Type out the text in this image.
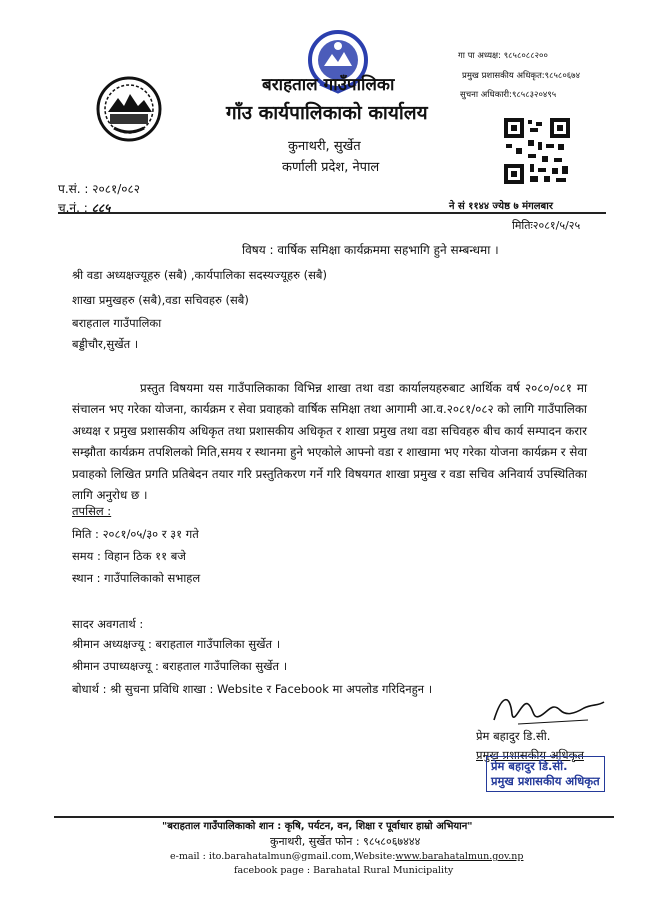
बराहताल गाउँपालिका
गाँउ कार्यपालिकाको कार्यालय
कुनाथरी, सुर्खेत
कर्णाली प्रदेश, नेपाल
गा पा अध्यक्ष: ९८५८०८८२००
प्रमुख प्रशासकीय अधिकृत:९८५८०६७४
सुचना अधिकारी:९८५८३२०४९५
प.सं. : २०८१/०८२
च.नं. : ८८५	ने सं ११४४ ज्येष्ठ ७ मंगलबार
मितिः२०८१/५/२५
विषय : वार्षिक समिक्षा कार्यक्रममा सहभागि हुने सम्बन्धमा ।
श्री वडा अध्यक्षज्यूहरु (सबै) ,कार्यपालिका सदस्यज्यूहरु (सबै)
शाखा प्रमुखहरु (सबै),वडा सचिवहरु (सबै)
बराहताल गाउँपालिका
बड्डीचौर,सुर्खेत ।
प्रस्तुत विषयमा यस गाउँपालिकाका विभिन्न शाखा तथा वडा कार्यालयहरुबाट आर्थिक वर्ष २०८०/०८१ मा संचालन भए गरेका योजना, कार्यक्रम र सेवा प्रवाहको वार्षिक समिक्षा तथा आगामी आ.व.२०८१/०८२ को लागि गाउँपालिका अध्यक्ष र प्रमुख प्रशासकीय अधिकृत तथा प्रशासकीय अधिकृत र शाखा प्रमुख तथा वडा सचिवहरु बीच कार्य सम्पादन करार सम्झौता कार्यक्रम तपशिलको मिति,समय र स्थानमा हुने भएकोले आफ्नो वडा र शाखामा भए गरेका योजना कार्यक्रम र सेवा प्रवाहको लिखित प्रगति प्रतिबेदन तयार गरि प्रस्तुतिकरण गर्ने गरि विषयगत शाखा प्रमुख र वडा सचिव अनिवार्य उपस्थितिका लागि अनुरोध छ ।
तपसिल :
मिति : २०८१/०५/३० र ३१ गते
समय : विहान ठिक ११ बजे
स्थान : गाउँपालिकाको सभाहल
सादर अवगतार्थ :
श्रीमान अध्यक्षज्यू : बराहताल गाउँपालिका सुर्खेत ।
श्रीमान उपाध्यक्षज्यू : बराहताल गाउँपालिका सुर्खेत ।
बोधार्थ : श्री सुचना प्रविधि शाखा : Website र Facebook मा अपलोड गरिदिनहुन ।
प्रेम बहादुर डि.सी.
प्रमुख प्रशासकीय अधिकृत
प्रेम बहादुर डि.सी.
प्रमुख प्रशासकीय अधिकृत
"बराहताल गाउँपालिकाको शान : कृषि, पर्यटन, वन, शिक्षा र पूर्वाधार हाम्रो अभियान"
कुनाथरी, सुर्खेत फोन : ९८५८०६७४४४
e-mail : ito.barahatalmun@gmail.com,Website:www.barahatalmun.gov.np
facebook page : Barahatal Rural Municipality
